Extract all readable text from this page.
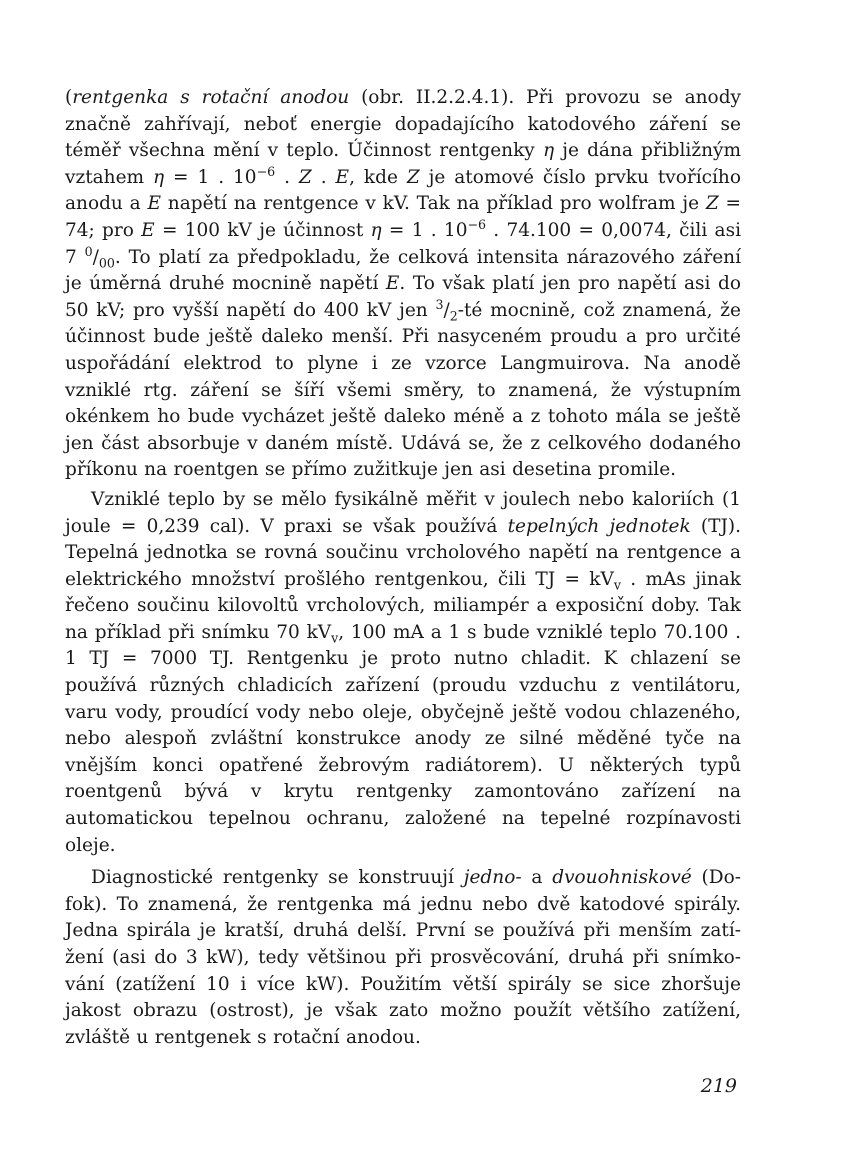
(rentgenka s rotační anodou (obr. II.2.2.4.1). Při provozu se anody značně zahřívají, neboť energie dopadajícího katodového záření se téměř všechna mění v teplo. Účinnost rentgenky η je dána přibližným vztahem η = 1 . $10^{-6}$ . Z . E, kde Z je atomové číslo prvku tvořícího anodu a E napětí na rentgence v kV. Tak na příklad pro wolfram je Z = 74; pro E = 100 kV je účinnost η = 1 . $10^{-6}$ . 74.100 = 0,0074, čili asi 7 $^0/_{00}$. To platí za předpokladu, že celková intensita nárazového záření je úměrná druhé mocnině napětí E. To však platí jen pro napětí asi do 50 kV; pro vyšší napětí do 400 kV jen $^3/_2-té$ mocnině, což znamená, že účinnost bude ještě daleko menší. Při nasyceném proudu a pro určité uspořádání elektrod to plyne i ze vzorce Langmuirova. Na anodě vzniklé rtg. záření se šíří všemi směry, to znamená, že výstupním okénkem ho bude vycházet ještě daleko méně a z tohoto mála se ještě jen část absorbuje v daném místě. Udává se, že z celkového dodaného příkonu na roentgen se přímo zužitkuje jen asi desetina promile.

Vzniklé teplo by se mělo fysikálně měřit v joulech nebo kaloriích (1 joule = 0,239 cal). V praxi se však používá tepelných jednotek (TJ). Tepelná jednotka se rovná součinu vrcholového napětí na rentgence a elektrického množství prošlého rentgenkou, čili TJ = $kV_v$ . mAs jinak řečeno součinu kilovoltů vrcholových, miliampér a exposiční doby. Tak na příklad při snímku 70 $kV_v$, 100 mA a 1 s bude vzniklé teplo 70.100 . 1 TJ = 7000 TJ. Rentgenku je proto nutno chladit. K chlazení se používá různých chladicích zařízení (proudu vzduchu z ventilátoru, varu vody, proudící vody nebo oleje, obyčejně ještě vodou chlazeného, nebo alespoň zvláštní konstrukce anody ze silné měděné tyče na vnějším konci opatřené žebrovým radiátorem). U některých typů roentgenů bývá v krytu rentgenky zamontováno zařízení na automatickou tepelnou ochranu, založené na tepelné rozpínavosti oleje.

Diagnostické rentgenky se konstruují jedno- a dvouohniskové (Dofok). To znamená, že rentgenka má jednu nebo dvě katodové spirály. Jedna spirála je kratší, druhá delší. První se používá při menším zatížení (asi do 3 kW), tedy většinou při prosvěcování, druhá při snímkování (zatížení 10 i více kW). Použitím větší spirály se sice zhoršuje jakost obrazu (ostrost), je však zato možno použít většího zatížení, zvláště u rentgenek s rotační anodou.

219
